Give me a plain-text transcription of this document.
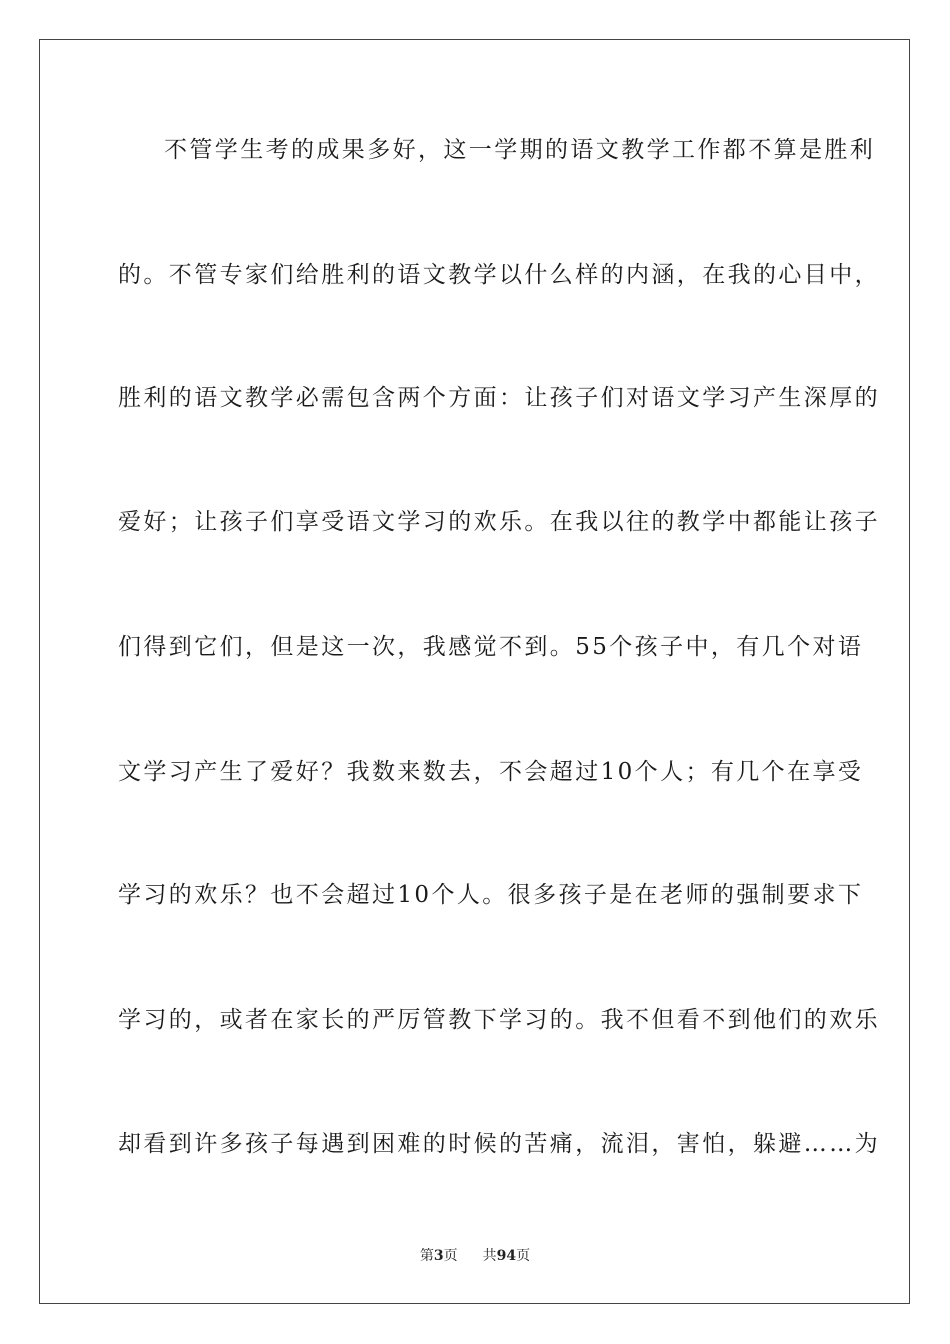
不管学生考的成果多好，这一学期的语文教学工作都不算是胜利
的。不管专家们给胜利的语文教学以什么样的内涵，在我的心目中，
胜利的语文教学必需包含两个方面：让孩子们对语文学习产生深厚的
爱好；让孩子们享受语文学习的欢乐。在我以往的教学中都能让孩子
们得到它们，但是这一次，我感觉不到。55个孩子中，有几个对语
文学习产生了爱好？我数来数去，不会超过10个人；有几个在享受
学习的欢乐？也不会超过10个人。很多孩子是在老师的强制要求下
学习的，或者在家长的严厉管教下学习的。我不但看不到他们的欢乐
却看到许多孩子每遇到困难的时候的苦痛，流泪，害怕，躲避……为
第3页 共94页
